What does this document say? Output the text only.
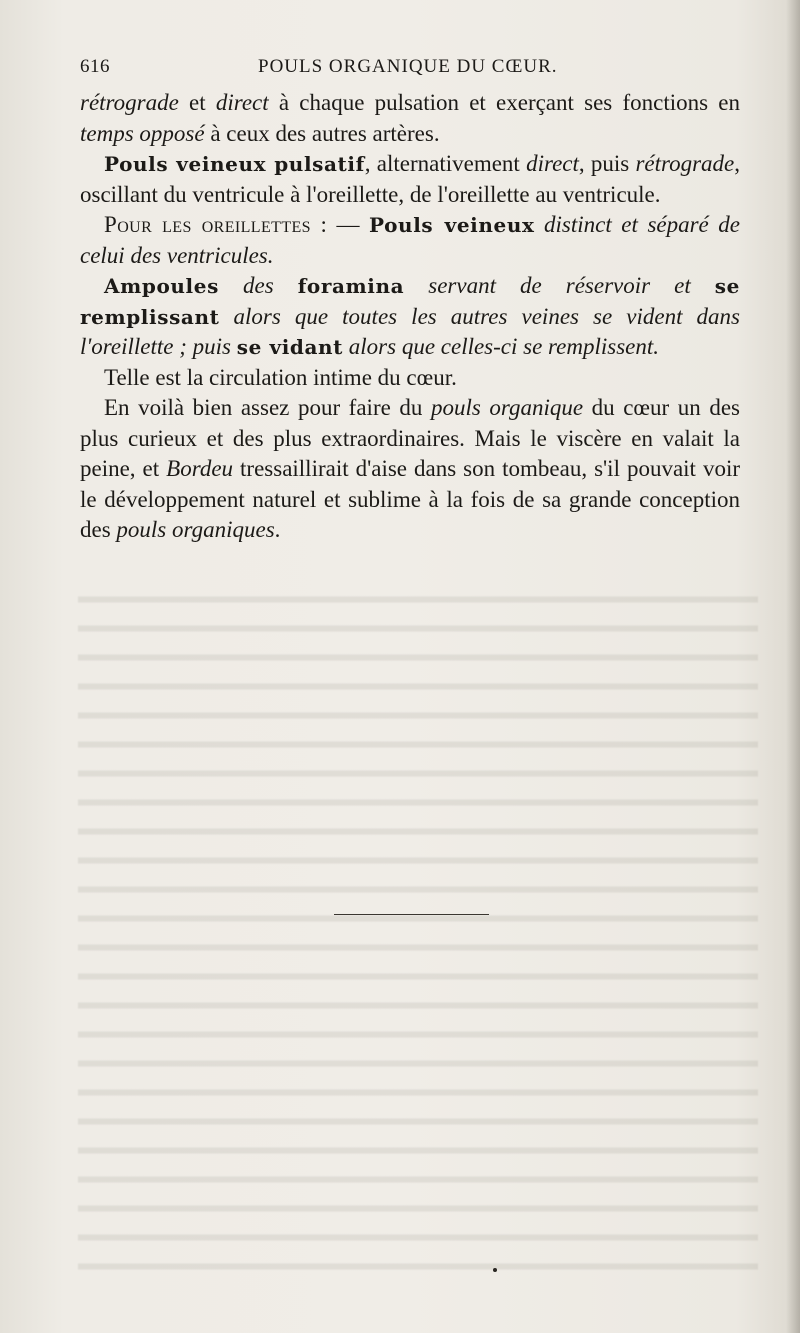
616	POULS ORGANIQUE DU CŒUR.

rétrograde et direct à chaque pulsation et exerçant ses fonctions en temps opposé à ceux des autres artères.

Pouls veineux pulsatif, alternativement direct, puis rétrograde, oscillant du ventricule à l'oreillette, de l'oreillette au ventricule.

Pour les oreillettes : — Pouls veineux distinct et séparé de celui des ventricules.

Ampoules des foramina servant de réservoir et se remplissant alors que toutes les autres veines se vident dans l'oreillette ; puis se vidant alors que celles-ci se remplissent.

Telle est la circulation intime du cœur.

En voilà bien assez pour faire du pouls organique du cœur un des plus curieux et des plus extraordinaires. Mais le viscère en valait la peine, et Bordeu tressaillirait d'aise dans son tombeau, s'il pouvait voir le développement naturel et sublime à la fois de sa grande conception des pouls organiques.
